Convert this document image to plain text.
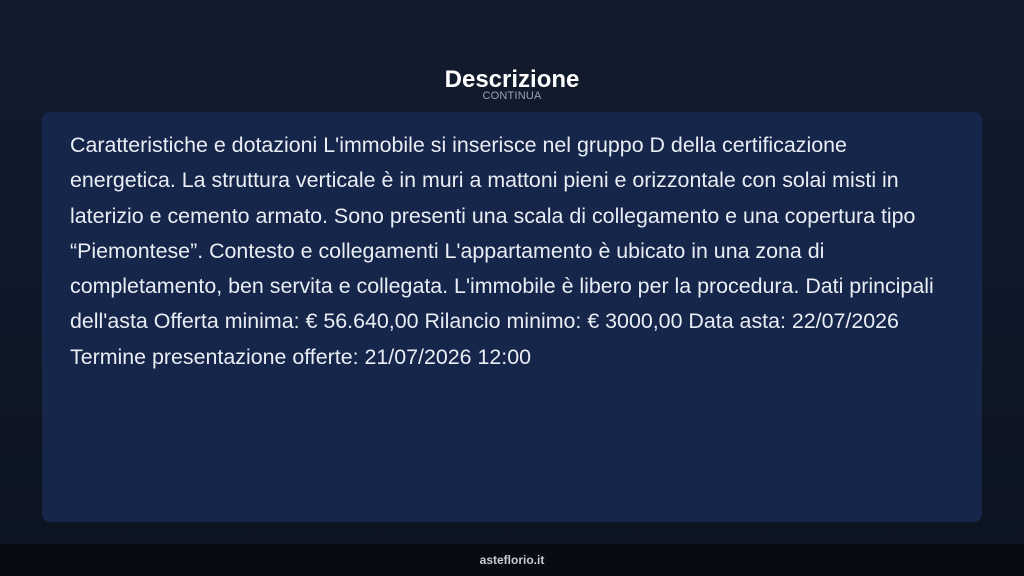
Descrizione
CONTINUA

Caratteristiche e dotazioni L'immobile si inserisce nel gruppo D della certificazione energetica. La struttura verticale è in muri a mattoni pieni e orizzontale con solai misti in laterizio e cemento armato. Sono presenti una scala di collegamento e una copertura tipo “Piemontese”. Contesto e collegamenti L'appartamento è ubicato in una zona di completamento, ben servita e collegata. L'immobile è libero per la procedura. Dati principali dell'asta Offerta minima: € 56.640,00 Rilancio minimo: € 3000,00 Data asta: 22/07/2026 Termine presentazione offerte: 21/07/2026 12:00

asteflorio.it
